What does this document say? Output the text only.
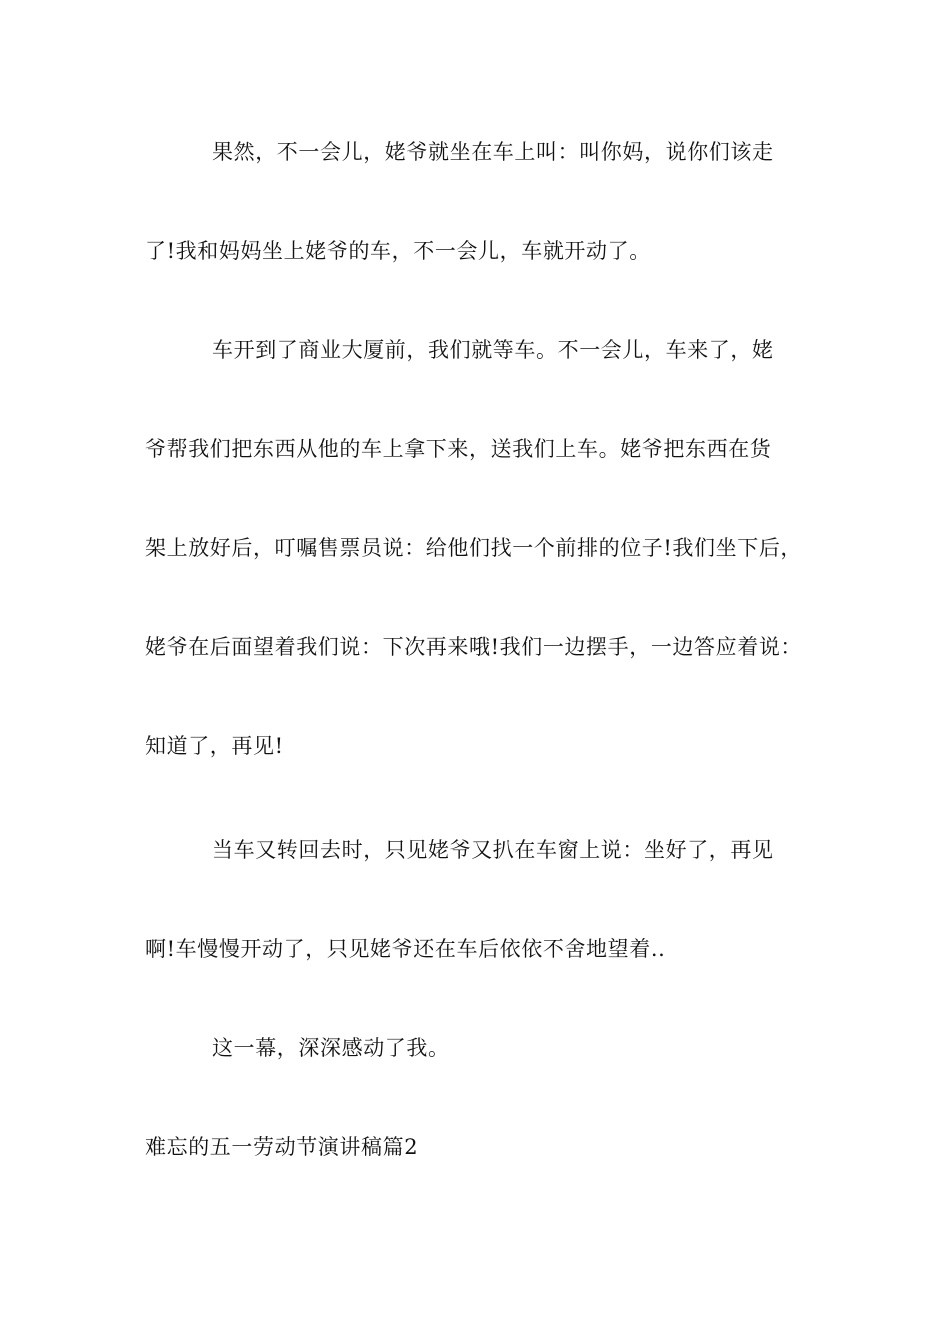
果然，不一会儿，姥爷就坐在车上叫：叫你妈，说你们该走
了!我和妈妈坐上姥爷的车，不一会儿，车就开动了。
车开到了商业大厦前，我们就等车。不一会儿，车来了，姥
爷帮我们把东西从他的车上拿下来，送我们上车。姥爷把东西在货
架上放好后，叮嘱售票员说：给他们找一个前排的位子!我们坐下后，
姥爷在后面望着我们说：下次再来哦!我们一边摆手，一边答应着说：
知道了，再见!
当车又转回去时，只见姥爷又扒在车窗上说：坐好了，再见
啊!车慢慢开动了，只见姥爷还在车后依依不舍地望着..
这一幕，深深感动了我。
难忘的五一劳动节演讲稿篇2
